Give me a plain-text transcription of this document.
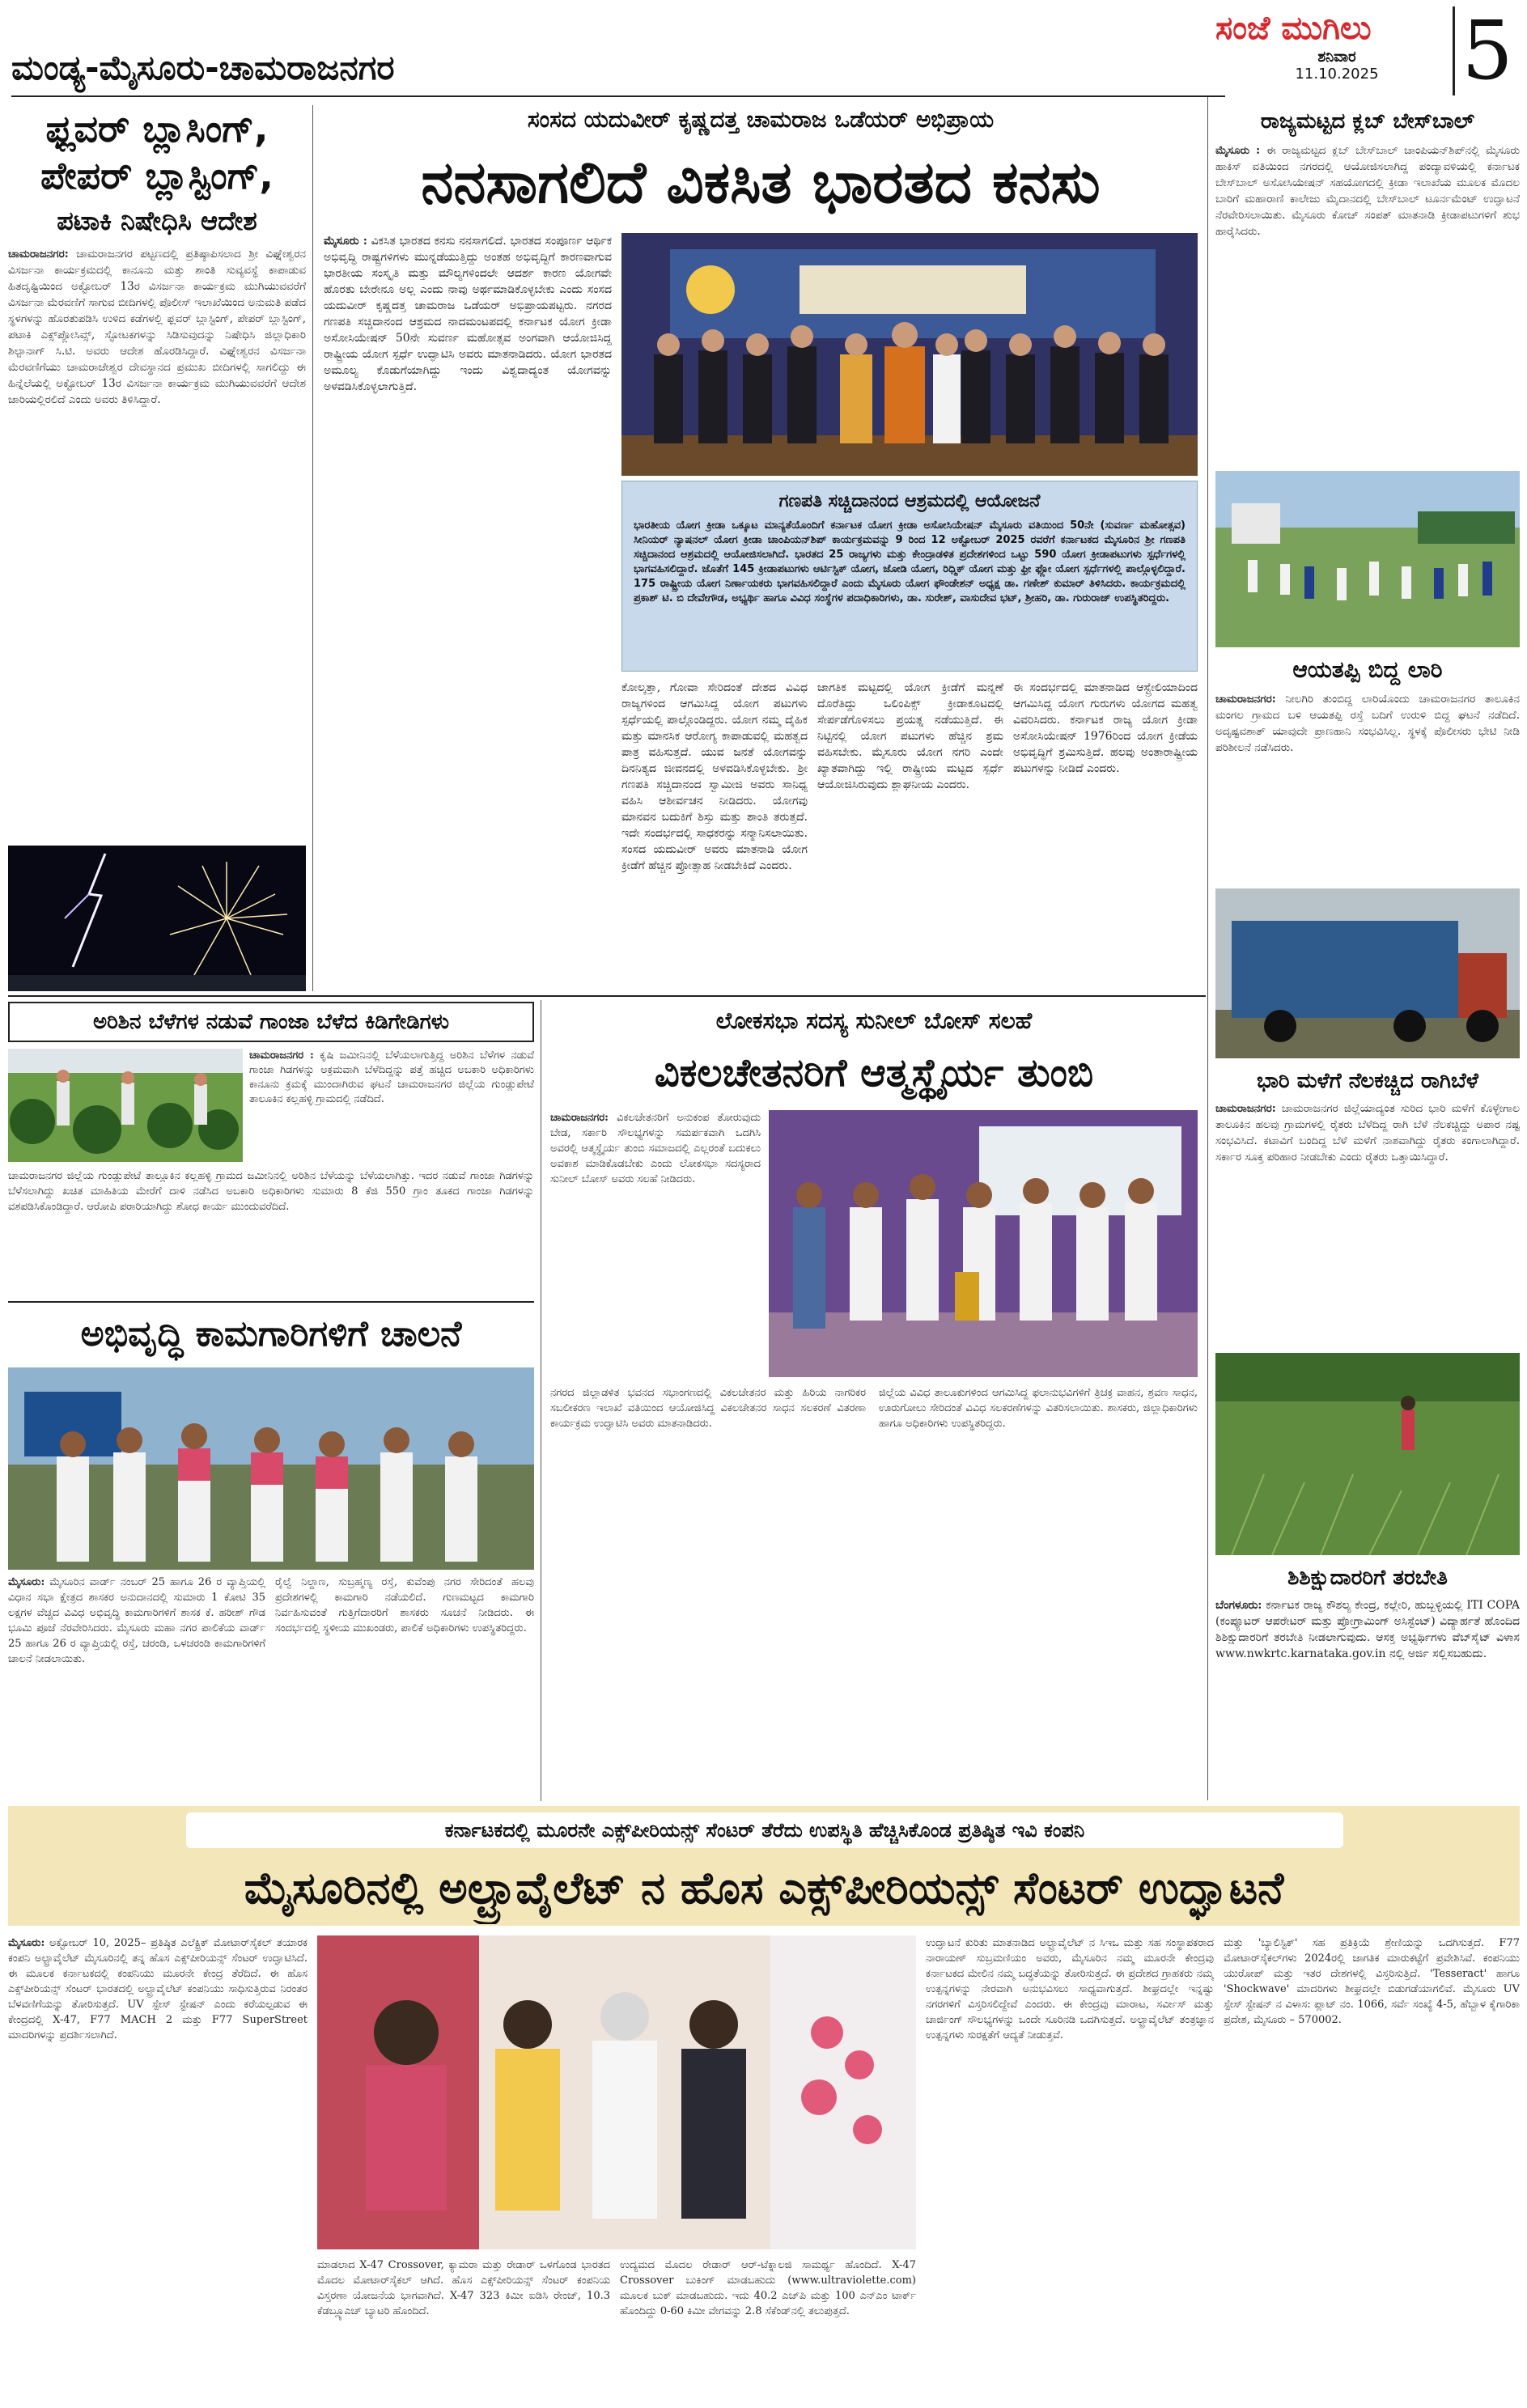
ಮಂಡ್ಯ-ಮೈಸೂರು-ಚಾಮರಾಜನಗರ
ಸಂಜೆ ಮುಗಿಲು
ಶನಿವಾರ
11.10.2025	5
ಫ್ಲವರ್ ಬ್ಲಾಸಿಂಗ್,
ಪೇಪರ್ ಬ್ಲಾಸ್ಟಿಂಗ್,
ಪಟಾಕಿ ನಿಷೇಧಿಸಿ ಆದೇಶ
ಚಾಮರಾಜನಗರ: ಚಾಮರಾಜನಗರ ಪಟ್ಟಣದಲ್ಲಿ ಪ್ರತಿಷ್ಠಾಪಿಸಲಾದ ಶ್ರೀ ವಿಘ್ನೇಶ್ವರನ ವಿಸರ್ಜನಾ ಕಾರ್ಯಕ್ರಮದಲ್ಲಿ ಕಾನೂನು ಮತ್ತು ಶಾಂತಿ ಸುವ್ಯವಸ್ಥೆ ಕಾಪಾಡುವ ಹಿತದೃಷ್ಟಿಯಿಂದ ಅಕ್ಟೋಬರ್ 13ರ ವಿಸರ್ಜನಾ ಕಾರ್ಯಕ್ರಮ ಮುಗಿಯುವವರೆಗೆ ವಿಸರ್ಜನಾ ಮೆರವಣಿಗೆ ಸಾಗುವ ಬೀದಿಗಳಲ್ಲಿ ಪೊಲೀಸ್ ಇಲಾಖೆಯಿಂದ ಅನುಮತಿ ಪಡೆದ ಸ್ಥಳಗಳನ್ನು ಹೊರತುಪಡಿಸಿ ಉಳಿದ ಕಡೆಗಳಲ್ಲಿ ಫ್ಲವರ್ ಬ್ಲಾಸ್ಟಿಂಗ್, ಪೇಪರ್ ಬ್ಲಾಸ್ಟಿಂಗ್, ಪಟಾಕಿ ಎಕ್ಸ್‌ಪ್ಲೋಸಿವ್ಸ್, ಸ್ಫೋಟಕಗಳನ್ನು ಸಿಡಿಸುವುದನ್ನು ನಿಷೇಧಿಸಿ ಜಿಲ್ಲಾಧಿಕಾರಿ ಶಿಲ್ಪಾನಾಗ್ ಸಿ.ಟಿ. ಅವರು ಆದೇಶ ಹೊರಡಿಸಿದ್ದಾರೆ. ವಿಘ್ನೇಶ್ವರನ ವಿಸರ್ಜನಾ ಮೆರವಣಿಗೆಯು ಚಾಮರಾಜೇಶ್ವರ ದೇವಸ್ಥಾನದ ಪ್ರಮುಖ ಬೀದಿಗಳಲ್ಲಿ ಸಾಗಲಿದ್ದು ಈ ಹಿನ್ನೆಲೆಯಲ್ಲಿ ಅಕ್ಟೋಬರ್ 13ರ ವಿಸರ್ಜನಾ ಕಾರ್ಯಕ್ರಮ ಮುಗಿಯುವವರೆಗೆ ಆದೇಶ ಜಾರಿಯಲ್ಲಿರಲಿದೆ ಎಂದು ಅವರು ತಿಳಿಸಿದ್ದಾರೆ.
ಸಂಸದ ಯದುವೀರ್ ಕೃಷ್ಣದತ್ತ ಚಾಮರಾಜ ಒಡೆಯರ್ ಅಭಿಪ್ರಾಯ
ನನಸಾಗಲಿದೆ ವಿಕಸಿತ ಭಾರತದ ಕನಸು
ಮೈಸೂರು : ವಿಕಸಿತ ಭಾರತದ ಕನಸು ನನಸಾಗಲಿದೆ. ಭಾರತದ ಸಂಪೂರ್ಣ ಆರ್ಥಿಕ ಅಭಿವೃದ್ಧಿ ರಾಷ್ಟ್ರಗಳಿಗಳು ಮುನ್ನಡೆಯುತ್ತಿದ್ದು ಅಂತಹ ಅಭಿವೃದ್ಧಿಗೆ ಕಾರಣವಾಗುವ ಭಾರತೀಯ ಸಂಸ್ಕೃತಿ ಮತ್ತು ಮೌಲ್ಯಗಳಿಂದಲೇ ಆದರ್ಶ ಕಾರಣ ಯೋಗವೇ ಹೊರತು ಬೇರೇನೂ ಅಲ್ಲ ಎಂದು ನಾವು ಅರ್ಥಮಾಡಿಕೊಳ್ಳಬೇಕು ಎಂದು ಸಂಸದ ಯದುವೀರ್ ಕೃಷ್ಣದತ್ತ ಚಾಮರಾಜ ಒಡೆಯರ್ ಅಭಿಪ್ರಾಯಪಟ್ಟರು. ನಗರದ ಗಣಪತಿ ಸಚ್ಚಿದಾನಂದ ಆಶ್ರಮದ ನಾದಮಂಟಪದಲ್ಲಿ ಕರ್ನಾಟಕ ಯೋಗ ಕ್ರೀಡಾ ಅಸೋಸಿಯೇಷನ್ 50ನೇ ಸುವರ್ಣ ಮಹೋತ್ಸವ ಅಂಗವಾಗಿ ಆಯೋಜಿಸಿದ್ದ ರಾಷ್ಟ್ರೀಯ ಯೋಗ ಸ್ಪರ್ಧೆ ಉದ್ಘಾಟಿಸಿ ಅವರು ಮಾತನಾಡಿದರು. ಯೋಗ ಭಾರತದ ಅಮೂಲ್ಯ ಕೊಡುಗೆಯಾಗಿದ್ದು ಇಂದು ವಿಶ್ವದಾದ್ಯಂತ ಯೋಗವನ್ನು ಅಳವಡಿಸಿಕೊಳ್ಳಲಾಗುತ್ತಿದೆ.
ಗಣಪತಿ ಸಚ್ಚಿದಾನಂದ ಆಶ್ರಮದಲ್ಲಿ ಆಯೋಜನೆ
ಭಾರತೀಯ ಯೋಗ ಕ್ರೀಡಾ ಒಕ್ಕೂಟ ಮಾನ್ಯತೆಯೊಂದಿಗೆ ಕರ್ನಾಟಕ ಯೋಗ ಕ್ರೀಡಾ ಅಸೋಸಿಯೇಷನ್ ಮೈಸೂರು ವತಿಯಿಂದ 50ನೇ (ಸುವರ್ಣ ಮಹೋತ್ಸವ) ಸೀನಿಯರ್ ನ್ಯಾಷನಲ್ ಯೋಗ ಕ್ರೀಡಾ ಚಾಂಪಿಯನ್‌ಶಿಪ್ ಕಾರ್ಯಕ್ರಮವನ್ನು 9 ರಿಂದ 12 ಅಕ್ಟೋಬರ್ 2025 ರವರೆಗೆ ಕರ್ನಾಟಕದ ಮೈಸೂರಿನ ಶ್ರೀ ಗಣಪತಿ ಸಚ್ಚಿದಾನಂದ ಆಶ್ರಮದಲ್ಲಿ ಆಯೋಜಿಸಲಾಗಿದೆ. ಭಾರತದ 25 ರಾಜ್ಯಗಳು ಮತ್ತು ಕೇಂದ್ರಾಡಳಿತ ಪ್ರದೇಶಗಳಿಂದ ಒಟ್ಟು 590 ಯೋಗ ಕ್ರೀಡಾಪಟುಗಳು ಸ್ಪರ್ಧೆಗಳಲ್ಲಿ ಭಾಗವಹಿಸಲಿದ್ದಾರೆ. ಜೊತೆಗೆ 145 ಕ್ರೀಡಾಪಟುಗಳು ಆರ್ಟಿಸ್ಟಿಕ್ ಯೋಗ, ಜೋಡಿ ಯೋಗ, ರಿಧ್ಮಿಕ್ ಯೋಗ ಮತ್ತು ಫ್ರೀ ಫ್ಲೋ ಯೋಗ ಸ್ಪರ್ಧೆಗಳಲ್ಲಿ ಪಾಲ್ಗೊಳ್ಳಲಿದ್ದಾರೆ. 175 ರಾಷ್ಟ್ರೀಯ ಯೋಗ ನಿರ್ಣಾಯಕರು ಭಾಗವಹಿಸಲಿದ್ದಾರೆ ಎಂದು ಮೈಸೂರು ಯೋಗ ಫೌಂಡೇಶನ್ ಅಧ್ಯಕ್ಷ ಡಾ. ಗಣೇಶ್ ಕುಮಾರ್ ತಿಳಿಸಿದರು. ಕಾರ್ಯಕ್ರಮದಲ್ಲಿ ಪ್ರಕಾಶ್ ಟಿ. ಬಿ ದೇವೇಗೌಡ, ಅಭ್ಯರ್ಥಿ ಹಾಗೂ ವಿವಿಧ ಸಂಸ್ಥೆಗಳ ಪದಾಧಿಕಾರಿಗಳು, ಡಾ. ಸುರೇಶ್, ವಾಸುದೇವ ಭಟ್, ಶ್ರೀಹರಿ, ಡಾ. ಗುರುರಾಜ್ ಉಪಸ್ಥಿತರಿದ್ದರು.
ಕೋಲ್ಕತ್ತಾ, ಗೋವಾ ಸೇರಿದಂತೆ ದೇಶದ ವಿವಿಧ ರಾಜ್ಯಗಳಿಂದ ಆಗಮಿಸಿದ್ದ ಯೋಗ ಪಟುಗಳು ಸ್ಪರ್ಧೆಯಲ್ಲಿ ಪಾಲ್ಗೊಂಡಿದ್ದರು. ಯೋಗ ನಮ್ಮ ದೈಹಿಕ ಮತ್ತು ಮಾನಸಿಕ ಆರೋಗ್ಯ ಕಾಪಾಡುವಲ್ಲಿ ಮಹತ್ವದ ಪಾತ್ರ ವಹಿಸುತ್ತದೆ. ಯುವ ಜನತೆ ಯೋಗವನ್ನು ದಿನನಿತ್ಯದ ಜೀವನದಲ್ಲಿ ಅಳವಡಿಸಿಕೊಳ್ಳಬೇಕು. ಶ್ರೀ ಗಣಪತಿ ಸಚ್ಚಿದಾನಂದ ಸ್ವಾಮೀಜಿ ಅವರು ಸಾನಿಧ್ಯ ವಹಿಸಿ ಆಶೀರ್ವಚನ ನೀಡಿದರು. ಯೋಗವು ಮಾನವನ ಬದುಕಿಗೆ ಶಿಸ್ತು ಮತ್ತು ಶಾಂತಿ ತರುತ್ತದೆ. ಇದೇ ಸಂದರ್ಭದಲ್ಲಿ ಸಾಧಕರನ್ನು ಸನ್ಮಾನಿಸಲಾಯಿತು. ಸಂಸದ ಯದುವೀರ್ ಅವರು ಮಾತನಾಡಿ ಯೋಗ ಕ್ರೀಡೆಗೆ ಹೆಚ್ಚಿನ ಪ್ರೋತ್ಸಾಹ ನೀಡಬೇಕಿದೆ ಎಂದರು.
ಜಾಗತಿಕ ಮಟ್ಟದಲ್ಲಿ ಯೋಗ ಕ್ರೀಡೆಗೆ ಮನ್ನಣೆ ದೊರೆತಿದ್ದು ಒಲಿಂಪಿಕ್ಸ್ ಕ್ರೀಡಾಕೂಟದಲ್ಲಿ ಸೇರ್ಪಡೆಗೊಳಿಸಲು ಪ್ರಯತ್ನ ನಡೆಯುತ್ತಿದೆ. ಈ ನಿಟ್ಟಿನಲ್ಲಿ ಯೋಗ ಪಟುಗಳು ಹೆಚ್ಚಿನ ಶ್ರಮ ವಹಿಸಬೇಕು. ಮೈಸೂರು ಯೋಗ ನಗರಿ ಎಂದೇ ಖ್ಯಾತವಾಗಿದ್ದು ಇಲ್ಲಿ ರಾಷ್ಟ್ರೀಯ ಮಟ್ಟದ ಸ್ಪರ್ಧೆ ಆಯೋಜಿಸಿರುವುದು ಶ್ಲಾಘನೀಯ ಎಂದರು.
ಈ ಸಂದರ್ಭದಲ್ಲಿ ಮಾತನಾಡಿದ ಆಸ್ಟ್ರೇಲಿಯಾದಿಂದ ಆಗಮಿಸಿದ್ದ ಯೋಗ ಗುರುಗಳು ಯೋಗದ ಮಹತ್ವ ವಿವರಿಸಿದರು. ಕರ್ನಾಟಕ ರಾಜ್ಯ ಯೋಗ ಕ್ರೀಡಾ ಅಸೋಸಿಯೇಷನ್ 1976ರಿಂದ ಯೋಗ ಕ್ರೀಡೆಯ ಅಭಿವೃದ್ಧಿಗೆ ಶ್ರಮಿಸುತ್ತಿದೆ. ಹಲವು ಅಂತಾರಾಷ್ಟ್ರೀಯ ಪಟುಗಳನ್ನು ನೀಡಿದೆ ಎಂದರು.
ರಾಜ್ಯಮಟ್ಟದ ಕ್ಲಬ್ ಬೇಸ್‌ಬಾಲ್
ಮೈಸೂರು : ಈ ರಾಜ್ಯಮಟ್ಟದ ಕ್ಲಬ್ ಬೇಸ್‌ಬಾಲ್ ಚಾಂಪಿಯನ್‌ಶಿಪ್‌ನಲ್ಲಿ ಮೈಸೂರು ಹಾಕಿಸ್ ವತಿಯಿಂದ ನಗರದಲ್ಲಿ ಆಯೋಜಿಸಲಾಗಿದ್ದ ಪಂದ್ಯಾವಳಿಯಲ್ಲಿ ಕರ್ನಾಟಕ ಬೇಸ್‌ಬಾಲ್ ಅಸೋಸಿಯೇಷನ್ ಸಹಯೋಗದಲ್ಲಿ ಕ್ರೀಡಾ ಇಲಾಖೆಯ ಮೂಲಕ ಮೊದಲ ಬಾರಿಗೆ ಮಹಾರಾಣಿ ಕಾಲೇಜು ಮೈದಾನದಲ್ಲಿ ಬೇಸ್‌ಬಾಲ್ ಟೂರ್ನಮೆಂಟ್ ಉದ್ಘಾಟನೆ ನೆರವೇರಿಸಲಾಯಿತು. ಮೈಸೂರು ಕೋಚ್ ಸಂಪತ್ ಮಾತನಾಡಿ ಕ್ರೀಡಾಪಟುಗಳಿಗೆ ಶುಭ ಹಾರೈಸಿದರು.
ಆಯತಪ್ಪಿ ಬಿದ್ದ ಲಾರಿ
ಚಾಮರಾಜನಗರ: ನೀಲಗಿರಿ ತುಂಬಿದ್ದ ಲಾರಿಯೊಂದು ಚಾಮರಾಜನಗರ ತಾಲೂಕಿನ ಮಂಗಲ ಗ್ರಾಮದ ಬಳಿ ಆಯತಪ್ಪಿ ರಸ್ತೆ ಬದಿಗೆ ಉರುಳಿ ಬಿದ್ದ ಘಟನೆ ನಡೆದಿದೆ. ಅದೃಷ್ಟವಶಾತ್ ಯಾವುದೇ ಪ್ರಾಣಹಾನಿ ಸಂಭವಿಸಿಲ್ಲ. ಸ್ಥಳಕ್ಕೆ ಪೊಲೀಸರು ಭೇಟಿ ನೀಡಿ ಪರಿಶೀಲನೆ ನಡೆಸಿದರು.
ಭಾರಿ ಮಳೆಗೆ ನೆಲಕಚ್ಚಿದ ರಾಗಿಬೆಳೆ
ಚಾಮರಾಜನಗರ: ಚಾಮರಾಜನಗರ ಜಿಲ್ಲೆಯಾದ್ಯಂತ ಸುರಿದ ಭಾರಿ ಮಳೆಗೆ ಕೊಳ್ಳೇಗಾಲ ತಾಲೂಕಿನ ಹಲವು ಗ್ರಾಮಗಳಲ್ಲಿ ರೈತರು ಬೆಳೆದಿದ್ದ ರಾಗಿ ಬೆಳೆ ನೆಲಕಚ್ಚಿದ್ದು ಅಪಾರ ನಷ್ಟ ಸಂಭವಿಸಿದೆ. ಕಟಾವಿಗೆ ಬಂದಿದ್ದ ಬೆಳೆ ಮಳೆಗೆ ನಾಶವಾಗಿದ್ದು ರೈತರು ಕಂಗಾಲಾಗಿದ್ದಾರೆ. ಸರ್ಕಾರ ಸೂಕ್ತ ಪರಿಹಾರ ನೀಡಬೇಕು ಎಂದು ರೈತರು ಒತ್ತಾಯಿಸಿದ್ದಾರೆ.
ಶಿಶಿಕ್ಷುದಾರರಿಗೆ ತರಬೇತಿ
ಬೆಂಗಳೂರು: ಕರ್ನಾಟಕ ರಾಜ್ಯ ಕೌಶಲ್ಯ ಕೇಂದ್ರ, ಕಲ್ಲೇರಿ, ಹುಬ್ಬಳ್ಳಿಯಲ್ಲಿ ITI COPA (ಕಂಪ್ಯೂಟರ್ ಆಪರೇಟರ್ ಮತ್ತು ಪ್ರೋಗ್ರಾಮಿಂಗ್ ಅಸಿಸ್ಟೆಂಟ್) ವಿದ್ಯಾರ್ಹತೆ ಹೊಂದಿದ ಶಿಶಿಕ್ಷುದಾರರಿಗೆ ತರಬೇತಿ ನೀಡಲಾಗುವುದು. ಆಸಕ್ತ ಅಭ್ಯರ್ಥಿಗಳು ವೆಬ್‌ಸೈಟ್ ವಿಳಾಸ www.nwkrtc.karnataka.gov.in ನಲ್ಲಿ ಅರ್ಜಿ ಸಲ್ಲಿಸಬಹುದು.
ಅರಿಶಿನ ಬೆಳೆಗಳ ನಡುವೆ ಗಾಂಜಾ ಬೆಳೆದ ಕಿಡಿಗೇಡಿಗಳು
ಚಾಮರಾಜನಗರ : ಕೃಷಿ ಜಮೀನಿನಲ್ಲಿ ಬೆಳೆಯಲಾಗುತ್ತಿದ್ದ ಅರಿಶಿನ ಬೆಳೆಗಳ ನಡುವೆ ಗಾಂಜಾ ಗಿಡಗಳನ್ನು ಅಕ್ರಮವಾಗಿ ಬೆಳೆದಿದ್ದನ್ನು ಪತ್ತೆ ಹಚ್ಚಿದ ಅಬಕಾರಿ ಅಧಿಕಾರಿಗಳು ಕಾನೂನು ಕ್ರಮಕ್ಕೆ ಮುಂದಾಗಿರುವ ಘಟನೆ ಚಾಮರಾಜನಗರ ಜಿಲ್ಲೆಯ ಗುಂಡ್ಲುಪೇಟೆ ತಾಲೂಕಿನ ಕಲ್ಲಹಳ್ಳಿ ಗ್ರಾಮದಲ್ಲಿ ನಡೆದಿದೆ.
ಚಾಮರಾಜನಗರ ಜಿಲ್ಲೆಯ ಗುಂಡ್ಲುಪೇಟೆ ತಾಲ್ಲೂಕಿನ ಕಲ್ಲಹಳ್ಳಿ ಗ್ರಾಮದ ಜಮೀನಿನಲ್ಲಿ ಅರಿಶಿನ ಬೆಳೆಯನ್ನು ಬೆಳೆಯಲಾಗಿತ್ತು. ಇದರ ನಡುವೆ ಗಾಂಜಾ ಗಿಡಗಳನ್ನು ಬೆಳೆಸಲಾಗಿದ್ದು ಖಚಿತ ಮಾಹಿತಿಯ ಮೇರೆಗೆ ದಾಳಿ ನಡೆಸಿದ ಅಬಕಾರಿ ಅಧಿಕಾರಿಗಳು ಸುಮಾರು 8 ಕೆಜಿ 550 ಗ್ರಾಂ ತೂಕದ ಗಾಂಜಾ ಗಿಡಗಳನ್ನು ವಶಪಡಿಸಿಕೊಂಡಿದ್ದಾರೆ. ಆರೋಪಿ ಪರಾರಿಯಾಗಿದ್ದು ಶೋಧ ಕಾರ್ಯ ಮುಂದುವರೆದಿದೆ.
ಅಭಿವೃದ್ಧಿ ಕಾಮಗಾರಿಗಳಿಗೆ ಚಾಲನೆ
ಮೈಸೂರು: ಮೈಸೂರಿನ ವಾರ್ಡ್ ನಂಬರ್ 25 ಹಾಗೂ 26 ರ ವ್ಯಾಪ್ತಿಯಲ್ಲಿ ವಿಧಾನ ಸಭಾ ಕ್ಷೇತ್ರದ ಶಾಸಕರ ಅನುದಾನದಲ್ಲಿ ಸುಮಾರು 1 ಕೋಟಿ 35 ಲಕ್ಷಗಳ ವೆಚ್ಚದ ವಿವಿಧ ಅಭಿವೃದ್ಧಿ ಕಾಮಗಾರಿಗಳಿಗೆ ಶಾಸಕ ಕೆ. ಹರೀಶ್ ಗೌಡ ಭೂಮಿ ಪೂಜೆ ನೆರವೇರಿಸಿದರು. ಮೈಸೂರು ಮಹಾ ನಗರ ಪಾಲಿಕೆಯ ವಾರ್ಡ್ 25 ಹಾಗೂ 26 ರ ವ್ಯಾಪ್ತಿಯಲ್ಲಿ ರಸ್ತೆ, ಚರಂಡಿ, ಒಳಚರಂಡಿ ಕಾಮಗಾರಿಗಳಿಗೆ ಚಾಲನೆ ನೀಡಲಾಯಿತು.
ರೈಲ್ವೆ ನಿಲ್ದಾಣ, ಸುಬ್ರಹ್ಮಣ್ಯ ರಸ್ತೆ, ಕುವೆಂಪು ನಗರ ಸೇರಿದಂತೆ ಹಲವು ಪ್ರದೇಶಗಳಲ್ಲಿ ಕಾಮಗಾರಿ ನಡೆಯಲಿದೆ. ಗುಣಮಟ್ಟದ ಕಾಮಗಾರಿ ನಿರ್ವಹಿಸುವಂತೆ ಗುತ್ತಿಗೆದಾರರಿಗೆ ಶಾಸಕರು ಸೂಚನೆ ನೀಡಿದರು. ಈ ಸಂದರ್ಭದಲ್ಲಿ ಸ್ಥಳೀಯ ಮುಖಂಡರು, ಪಾಲಿಕೆ ಅಧಿಕಾರಿಗಳು ಉಪಸ್ಥಿತರಿದ್ದರು.
ಲೋಕಸಭಾ ಸದಸ್ಯ ಸುನೀಲ್ ಬೋಸ್ ಸಲಹೆ
ವಿಕಲಚೇತನರಿಗೆ ಆತ್ಮಸ್ಥೈರ್ಯ ತುಂಬಿ
ಚಾಮರಾಜನಗರ: ವಿಕಲಚೇತನರಿಗೆ ಅನುಕಂಪ ತೋರುವುದು ಬೇಡ, ಸರ್ಕಾರಿ ಸೌಲಭ್ಯಗಳನ್ನು ಸಮರ್ಪಕವಾಗಿ ಒದಗಿಸಿ ಅವರಲ್ಲಿ ಆತ್ಮಸ್ಥೈರ್ಯ ತುಂಬಿ ಸಮಾಜದಲ್ಲಿ ಎಲ್ಲರಂತೆ ಬದುಕಲು ಅವಕಾಶ ಮಾಡಿಕೊಡಬೇಕು ಎಂದು ಲೋಕಸಭಾ ಸದಸ್ಯರಾದ ಸುನೀಲ್ ಬೋಸ್ ಅವರು ಸಲಹೆ ನೀಡಿದರು.
ನಗರದ ಜಿಲ್ಲಾಡಳಿತ ಭವನದ ಸಭಾಂಗಣದಲ್ಲಿ ವಿಕಲಚೇತನರ ಮತ್ತು ಹಿರಿಯ ನಾಗರಿಕರ ಸಬಲೀಕರಣ ಇಲಾಖೆ ವತಿಯಿಂದ ಆಯೋಜಿಸಿದ್ದ ವಿಕಲಚೇತನರ ಸಾಧನ ಸಲಕರಣೆ ವಿತರಣಾ ಕಾರ್ಯಕ್ರಮ ಉದ್ಘಾಟಿಸಿ ಅವರು ಮಾತನಾಡಿದರು.
ಜಿಲ್ಲೆಯ ವಿವಿಧ ತಾಲೂಕುಗಳಿಂದ ಆಗಮಿಸಿದ್ದ ಫಲಾನುಭವಿಗಳಿಗೆ ತ್ರಿಚಕ್ರ ವಾಹನ, ಶ್ರವಣ ಸಾಧನ, ಊರುಗೋಲು ಸೇರಿದಂತೆ ವಿವಿಧ ಸಲಕರಣೆಗಳನ್ನು ವಿತರಿಸಲಾಯಿತು. ಶಾಸಕರು, ಜಿಲ್ಲಾಧಿಕಾರಿಗಳು ಹಾಗೂ ಅಧಿಕಾರಿಗಳು ಉಪಸ್ಥಿತರಿದ್ದರು.
ಕರ್ನಾಟಕದಲ್ಲಿ ಮೂರನೇ ಎಕ್ಸ್‌ಪೀರಿಯನ್ಸ್ ಸೆಂಟರ್ ತೆರೆದು ಉಪಸ್ಥಿತಿ ಹೆಚ್ಚಿಸಿಕೊಂಡ ಪ್ರತಿಷ್ಠಿತ ಇವಿ ಕಂಪನಿ
ಮೈಸೂರಿನಲ್ಲಿ ಅಲ್ಟ್ರಾವೈಲೆಟ್ ನ ಹೊಸ ಎಕ್ಸ್‌ಪೀರಿಯನ್ಸ್ ಸೆಂಟರ್ ಉದ್ಘಾಟನೆ
ಮೈಸೂರು: ಅಕ್ಟೋಬರ್ 10, 2025– ಪ್ರತಿಷ್ಠಿತ ಎಲೆಕ್ಟ್ರಿಕ್ ಮೋಟಾರ್‌ಸೈಕಲ್ ತಯಾರಕ ಕಂಪನಿ ಅಲ್ಟ್ರಾವೈಲೆಟ್ ಮೈಸೂರಿನಲ್ಲಿ ತನ್ನ ಹೊಸ ಎಕ್ಸ್‌ಪೀರಿಯನ್ಸ್ ಸೆಂಟರ್ ಉದ್ಘಾಟಿಸಿದೆ. ಈ ಮೂಲಕ ಕರ್ನಾಟಕದಲ್ಲಿ ಕಂಪನಿಯು ಮೂರನೇ ಕೇಂದ್ರ ತೆರೆದಿದೆ. ಈ ಹೊಸ ಎಕ್ಸ್‌ಪೀರಿಯನ್ಸ್ ಸೆಂಟರ್ ಭಾರತದಲ್ಲಿ ಅಲ್ಟ್ರಾವೈಲೆಟ್ ಕಂಪನಿಯು ಸಾಧಿಸುತ್ತಿರುವ ನಿರಂತರ ಬೆಳವಣಿಗೆಯನ್ನು ತೋರಿಸುತ್ತದೆ. UV ಸ್ಪೇಸ್ ಸ್ಟೇಷನ್ ಎಂದು ಕರೆಯಲ್ಪಡುವ ಈ ಕೇಂದ್ರದಲ್ಲಿ X-47, F77 MACH 2 ಮತ್ತು F77 SuperStreet ಮಾದರಿಗಳನ್ನು ಪ್ರದರ್ಶಿಸಲಾಗಿದೆ.
ಮಾಡಲಾದ X-47 Crossover, ಕ್ಯಾಮರಾ ಮತ್ತು ರೇಡಾರ್ ಒಳಗೊಂಡ ಭಾರತದ ಮೊದಲ ಮೋಟಾರ್‌ಸೈಕಲ್ ಆಗಿದೆ. ಹೊಸ ಎಕ್ಸ್‌ಪೀರಿಯನ್ಸ್ ಸೆಂಟರ್ ಕಂಪನಿಯ ವಿಸ್ತರಣಾ ಯೋಜನೆಯ ಭಾಗವಾಗಿದೆ. X-47 323 ಕಿಮೀ ಐಡಿಸಿ ರೇಂಜ್, 10.3 ಕೆಡಬ್ಲ್ಯೂಎಚ್ ಬ್ಯಾಟರಿ ಹೊಂದಿದೆ.
ಉದ್ಯಮದ ಮೊದಲ ರೇಡಾರ್ ಆರ್-ಟೆಕ್ನಾಲಜಿ ಸಾಮರ್ಥ್ಯ ಹೊಂದಿದೆ. X-47 Crossover ಬುಕಿಂಗ್ ಮಾಡಬಹುದು (www.ultraviolette.com) ಮೂಲಕ ಬುಕ್ ಮಾಡಬಹುದು. ಇದು 40.2 ಎಚ್‌ಪಿ ಮತ್ತು 100 ಎನ್‌ಎಂ ಟಾರ್ಕ್ ಹೊಂದಿದ್ದು 0-60 ಕಿಮೀ ವೇಗವನ್ನು 2.8 ಸೆಕೆಂಡ್‌ನಲ್ಲಿ ತಲುಪುತ್ತದೆ.
ಉದ್ಘಾಟನೆ ಕುರಿತು ಮಾತನಾಡಿದ ಅಲ್ಟ್ರಾವೈಲೆಟ್ ನ ಸಿಇಒ ಮತ್ತು ಸಹ ಸಂಸ್ಥಾಪಕರಾದ ನಾರಾಯಣ್ ಸುಬ್ರಮಣಿಯಂ ಅವರು, ಮೈಸೂರಿನ ನಮ್ಮ ಮೂರನೇ ಕೇಂದ್ರವು ಕರ್ನಾಟಕದ ಮೇಲಿನ ನಮ್ಮ ಬದ್ಧತೆಯನ್ನು ತೋರಿಸುತ್ತದೆ. ಈ ಪ್ರದೇಶದ ಗ್ರಾಹಕರು ನಮ್ಮ ಉತ್ಪನ್ನಗಳನ್ನು ನೇರವಾಗಿ ಅನುಭವಿಸಲು ಸಾಧ್ಯವಾಗುತ್ತದೆ. ಶೀಘ್ರದಲ್ಲೇ ಇನ್ನಷ್ಟು ನಗರಗಳಿಗೆ ವಿಸ್ತರಿಸಲಿದ್ದೇವೆ ಎಂದರು. ಈ ಕೇಂದ್ರವು ಮಾರಾಟ, ಸರ್ವೀಸ್ ಮತ್ತು ಚಾರ್ಜಿಂಗ್ ಸೌಲಭ್ಯಗಳನ್ನು ಒಂದೇ ಸೂರಿನಡಿ ಒದಗಿಸುತ್ತದೆ. ಅಲ್ಟ್ರಾವೈಲೆಟ್ ತಂತ್ರಜ್ಞಾನ ಉತ್ಪನ್ನಗಳು ಸುರಕ್ಷತೆಗೆ ಆದ್ಯತೆ ನೀಡುತ್ತವೆ.
ಮತ್ತು 'ಬ್ಯಾಲಿಸ್ಟಿಕ್' ಸಹ ಪ್ರತಿಕ್ರಿಯೆ ಶ್ರೇಣಿಯನ್ನು ಒದಗಿಸುತ್ತದೆ. F77 ಮೋಟಾರ್‌ಸೈಕಲ್‌ಗಳು 2024ರಲ್ಲಿ ಜಾಗತಿಕ ಮಾರುಕಟ್ಟೆಗೆ ಪ್ರವೇಶಿಸಿವೆ. ಕಂಪನಿಯು ಯುರೋಪ್ ಮತ್ತು ಇತರ ದೇಶಗಳಲ್ಲಿ ವಿಸ್ತರಿಸುತ್ತಿದೆ. 'Tesseract' ಹಾಗೂ 'Shockwave' ಮಾದರಿಗಳು ಶೀಘ್ರದಲ್ಲೇ ಬಿಡುಗಡೆಯಾಗಲಿವೆ. ಮೈಸೂರು UV ಸ್ಪೇಸ್ ಸ್ಟೇಷನ್ ನ ವಿಳಾಸ: ಪ್ಲಾಟ್ ನಂ. 1066, ಸರ್ವೆ ಸಂಖ್ಯೆ 4-5, ಹೆಬ್ಬಾಳ ಕೈಗಾರಿಕಾ ಪ್ರದೇಶ, ಮೈಸೂರು – 570002.
